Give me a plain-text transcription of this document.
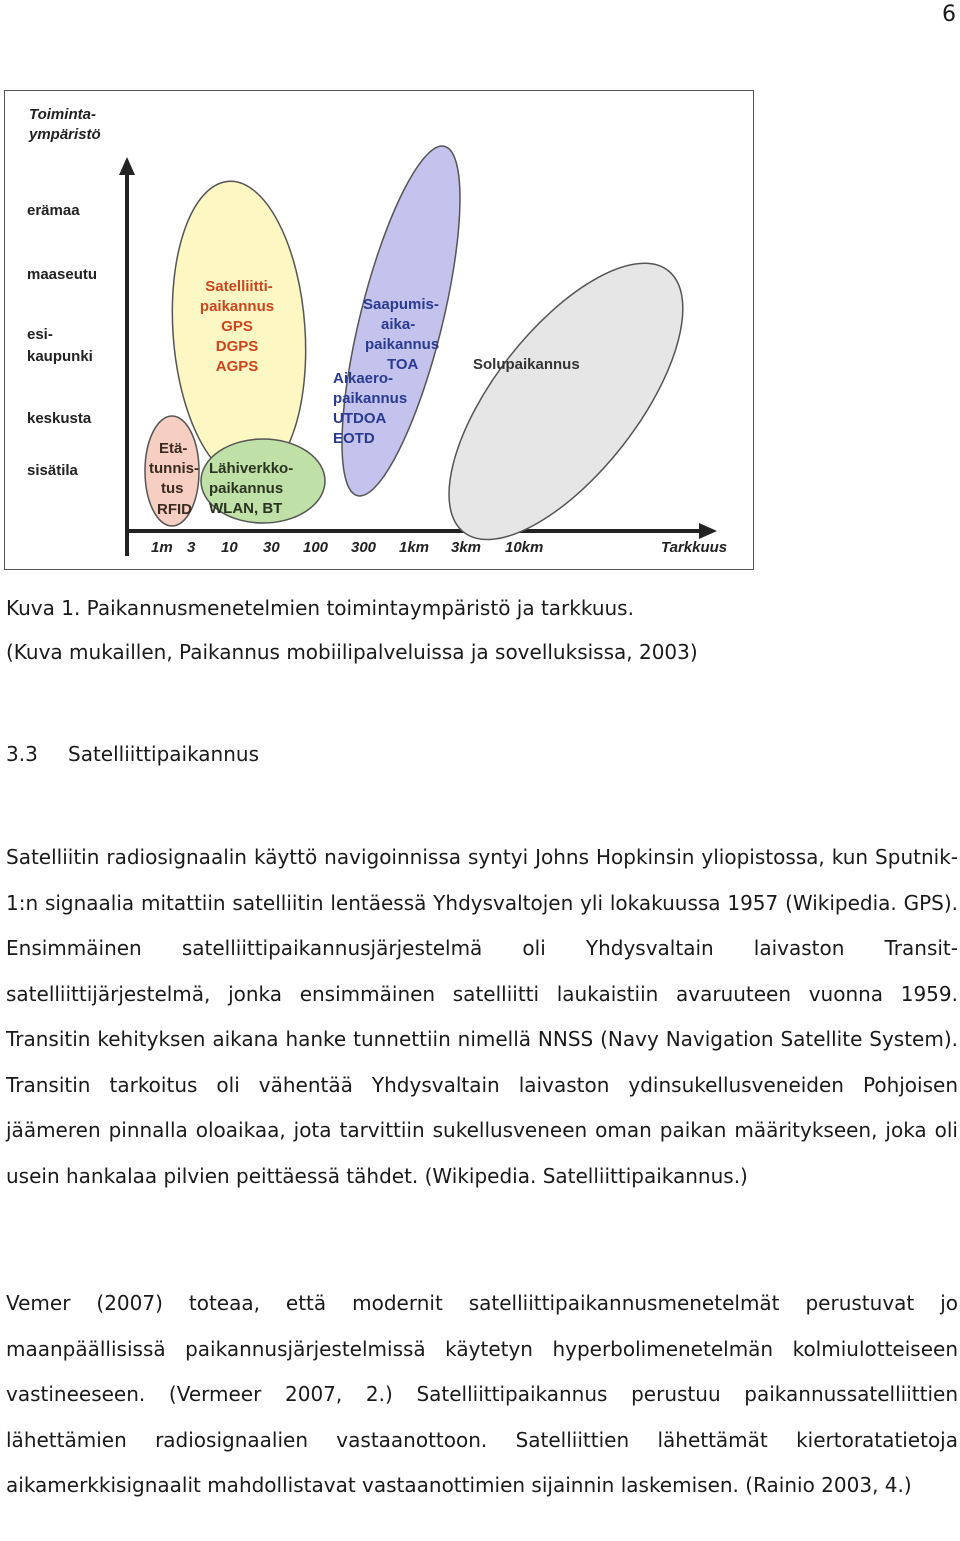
6
Toiminta-
ympäristö
erämaa
maaseutu
esi-
kaupunki
keskusta
sisätila
1m 3 10 30 100 300 1km 3km 10km	Tarkkuus
Etä-
tunnis-
tus
RFID
Lähiverkko-
paikannus
WLAN, BT
Satelliitti-
paikannus
GPS
DGPS
AGPS
Saapumis-
aika-
paikannus
TOA
Aikaero-
paikannus
UTDOA
EOTD
Solupaikannus
Kuva 1. Paikannusmenetelmien toimintaympäristö ja tarkkuus.
(Kuva mukaillen, Paikannus mobiilipalveluissa ja sovelluksissa, 2003)
3.3 Satelliittipaikannus

Satelliitin radiosignaalin käyttö navigoinnissa syntyi Johns Hopkinsin yliopistossa, kun Sputnik-1:n signaalia mitattiin satelliitin lentäessä Yhdysvaltojen yli lokakuussa 1957 (Wikipedia. GPS). Ensimmäinen satelliittipaikannusjärjestelmä oli Yhdysvaltain laivaston Transit-satelliittijärjestelmä, jonka ensimmäinen satelliitti laukaistiin avaruuteen vuonna 1959. Transitin kehityksen aikana hanke tunnettiin nimellä NNSS (Navy Navigation Satellite System). Transitin tarkoitus oli vähentää Yhdysvaltain laivaston ydinsukellusveneiden Pohjoisen jäämeren pinnalla oloaikaa, jota tarvittiin sukellusveneen oman paikan määritykseen, joka oli usein hankalaa pilvien peittäessä tähdet. (Wikipedia. Satelliittipaikannus.)

Vemer (2007) toteaa, että modernit satelliittipaikannusmenetelmät perustuvat jo maanpäällisissä paikannusjärjestelmissä käytetyn hyperbolimenetelmän kolmiulotteiseen vastineeseen. (Vermeer 2007, 2.) Satelliittipaikannus perustuu paikannussatelliittien lähettämien radiosignaalien vastaanottoon. Satelliittien lähettämät kiertoratatietoja aikamerkkisignaalit mahdollistavat vastaanottimien sijainnin laskemisen. (Rainio 2003, 4.)
